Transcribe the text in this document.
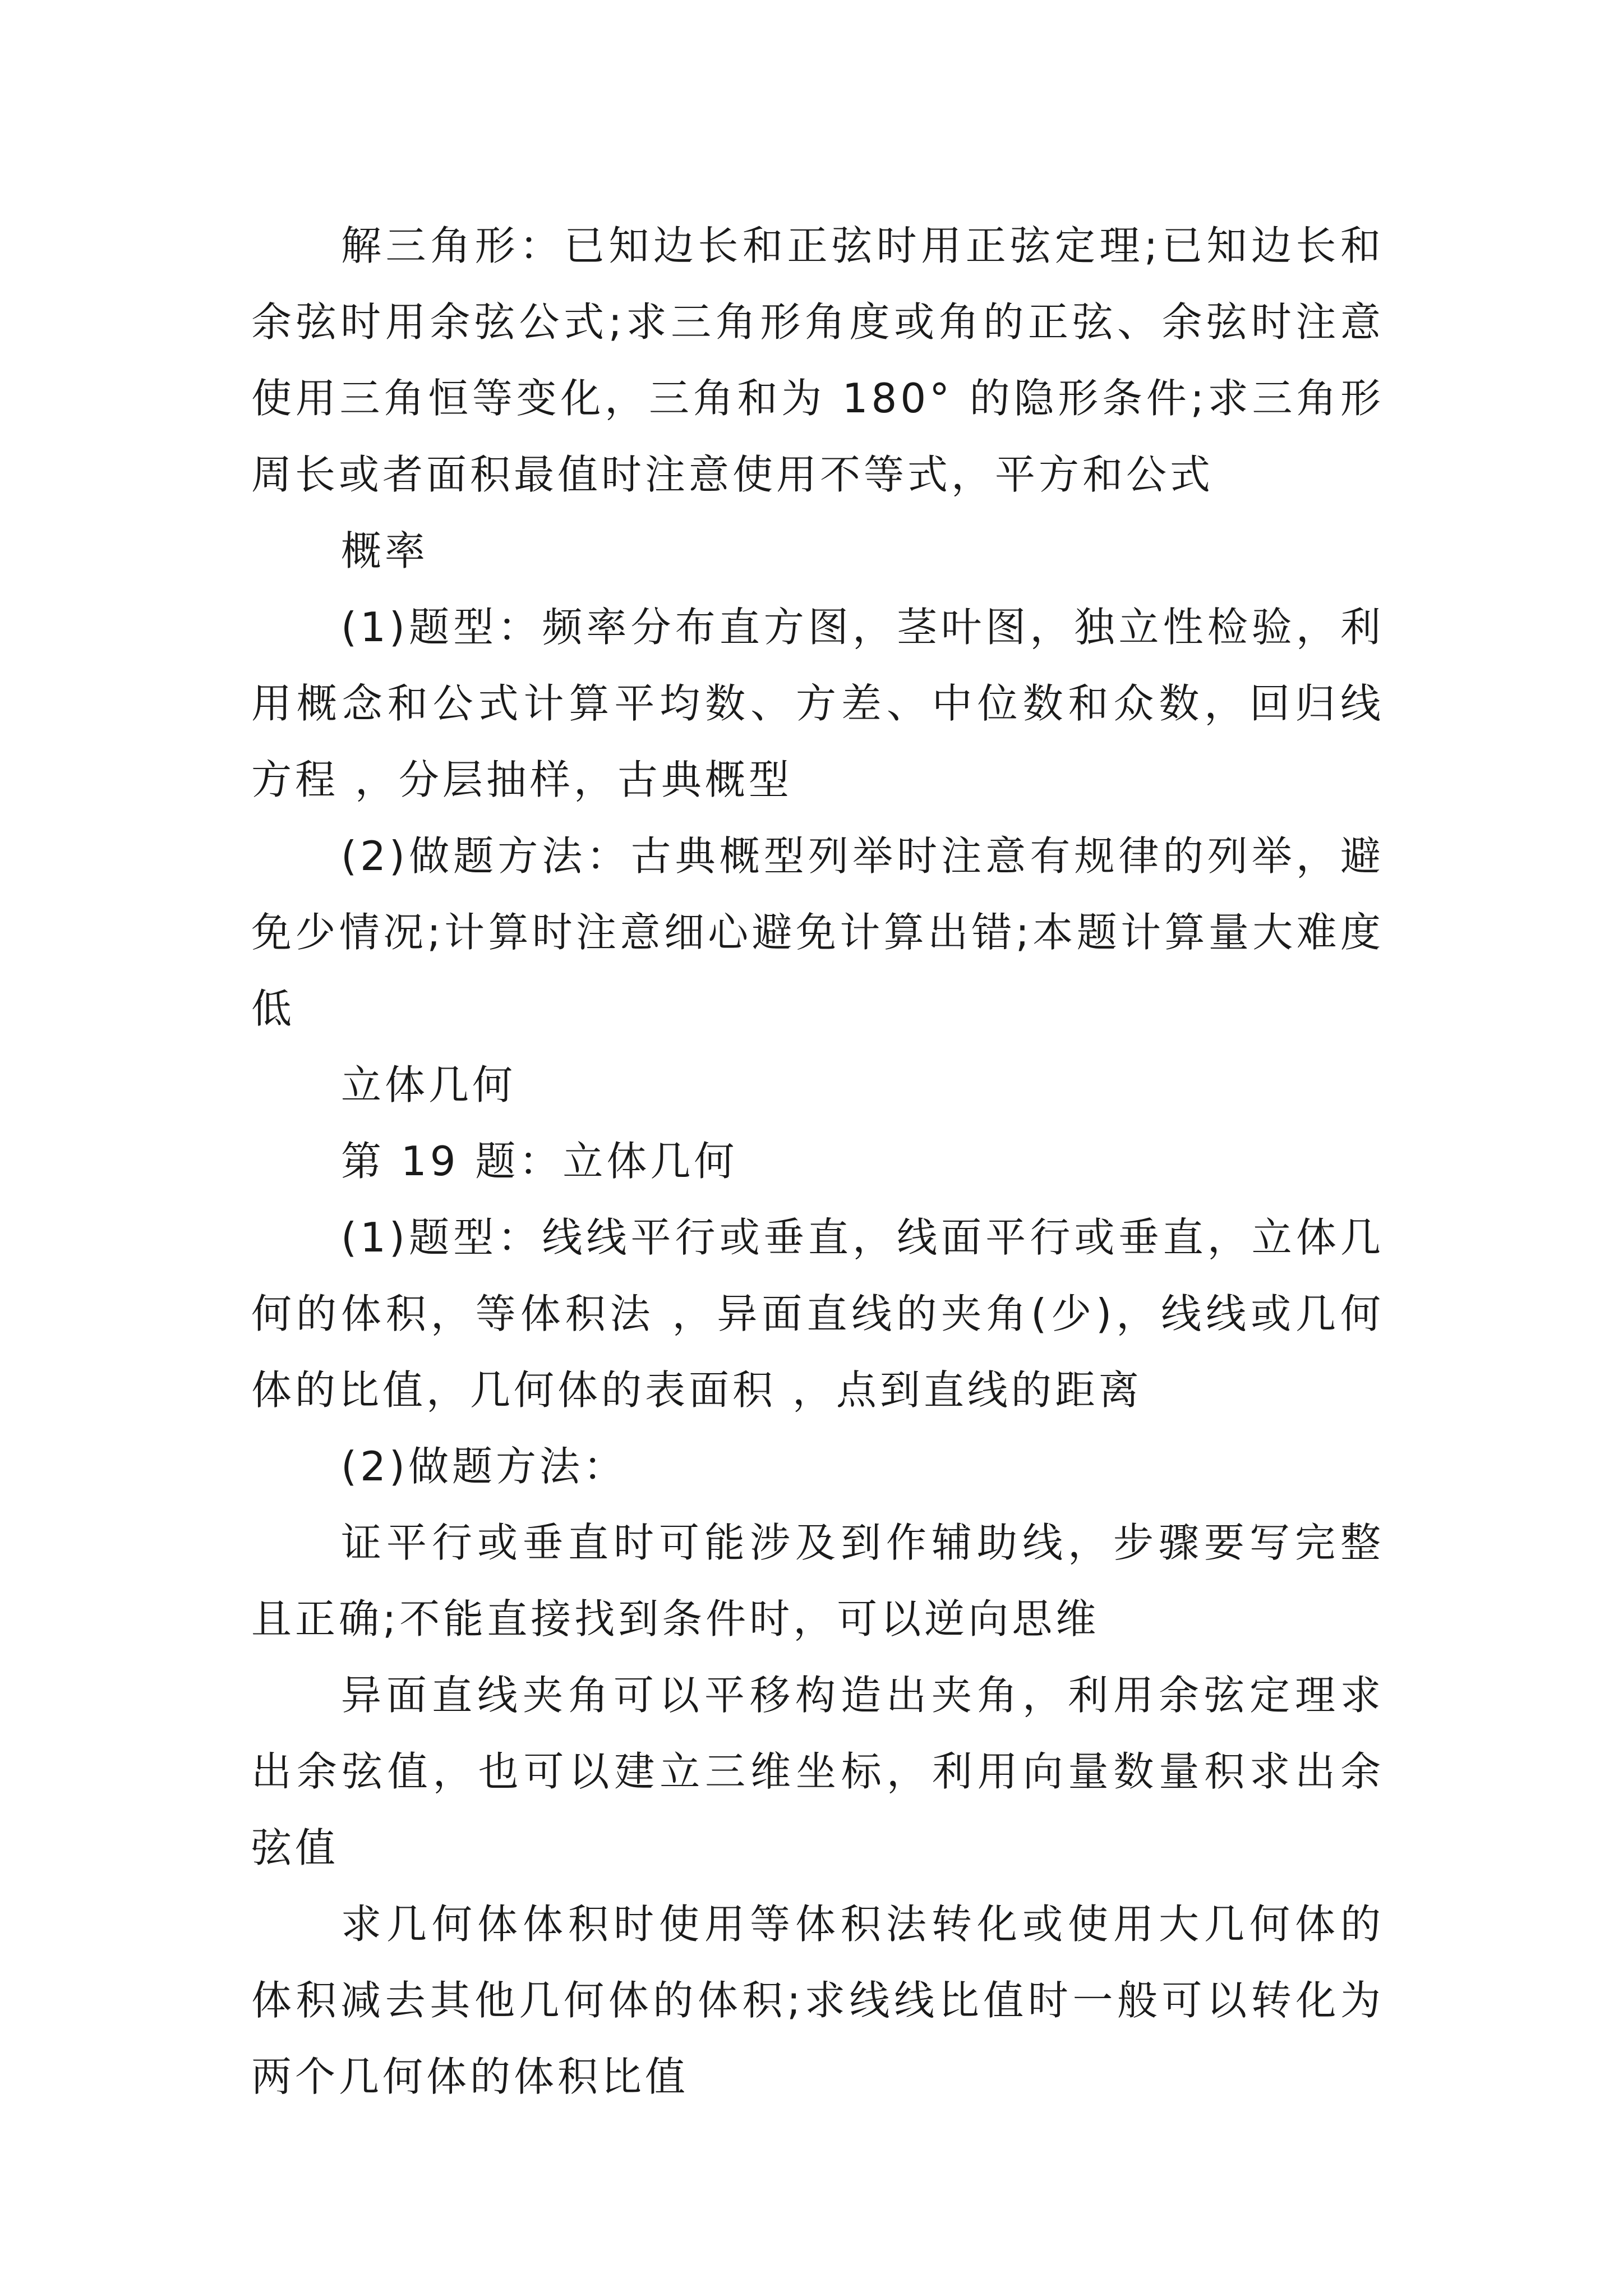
解三角形：已知边长和正弦时用正弦定理;已知边长和余弦时用余弦公式;求三角形角度或角的正弦、余弦时注意使用三角恒等变化，三角和为 180° 的隐形条件;求三角形周长或者面积最值时注意使用不等式，平方和公式

概率

(1)题型：频率分布直方图，茎叶图，独立性检验，利用概念和公式计算平均数、方差、中位数和众数，回归线方程 ，分层抽样，古典概型

(2)做题方法：古典概型列举时注意有规律的列举，避免少情况;计算时注意细心避免计算出错;本题计算量大难度低

立体几何

第 19 题：立体几何

(1)题型：线线平行或垂直，线面平行或垂直，立体几何的体积，等体积法 ，异面直线的夹角(少)，线线或几何体的比值，几何体的表面积 ，点到直线的距离

(2)做题方法：

证平行或垂直时可能涉及到作辅助线，步骤要写完整且正确;不能直接找到条件时，可以逆向思维

异面直线夹角可以平移构造出夹角，利用余弦定理求出余弦值，也可以建立三维坐标，利用向量数量积求出余弦值

求几何体体积时使用等体积法转化或使用大几何体的体积减去其他几何体的体积;求线线比值时一般可以转化为两个几何体的体积比值
